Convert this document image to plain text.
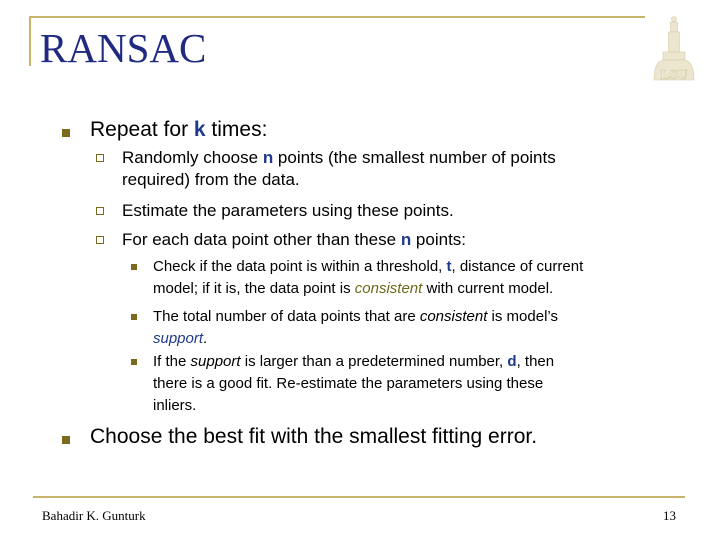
RANSAC
LSU
Repeat for k times:
Randomly choose n points (the smallest number of points
required) from the data.
Estimate the parameters using these points.
For each data point other than these n points:
Check if the data point is within a threshold, t, distance of current
model; if it is, the data point is consistent with current model.
The total number of data points that are consistent is model’s
support.
If the support is larger than a predetermined number, d, then
there is a good fit. Re-estimate the parameters using these
inliers.
Choose the best fit with the smallest fitting error.
Bahadir K. Gunturk	13
